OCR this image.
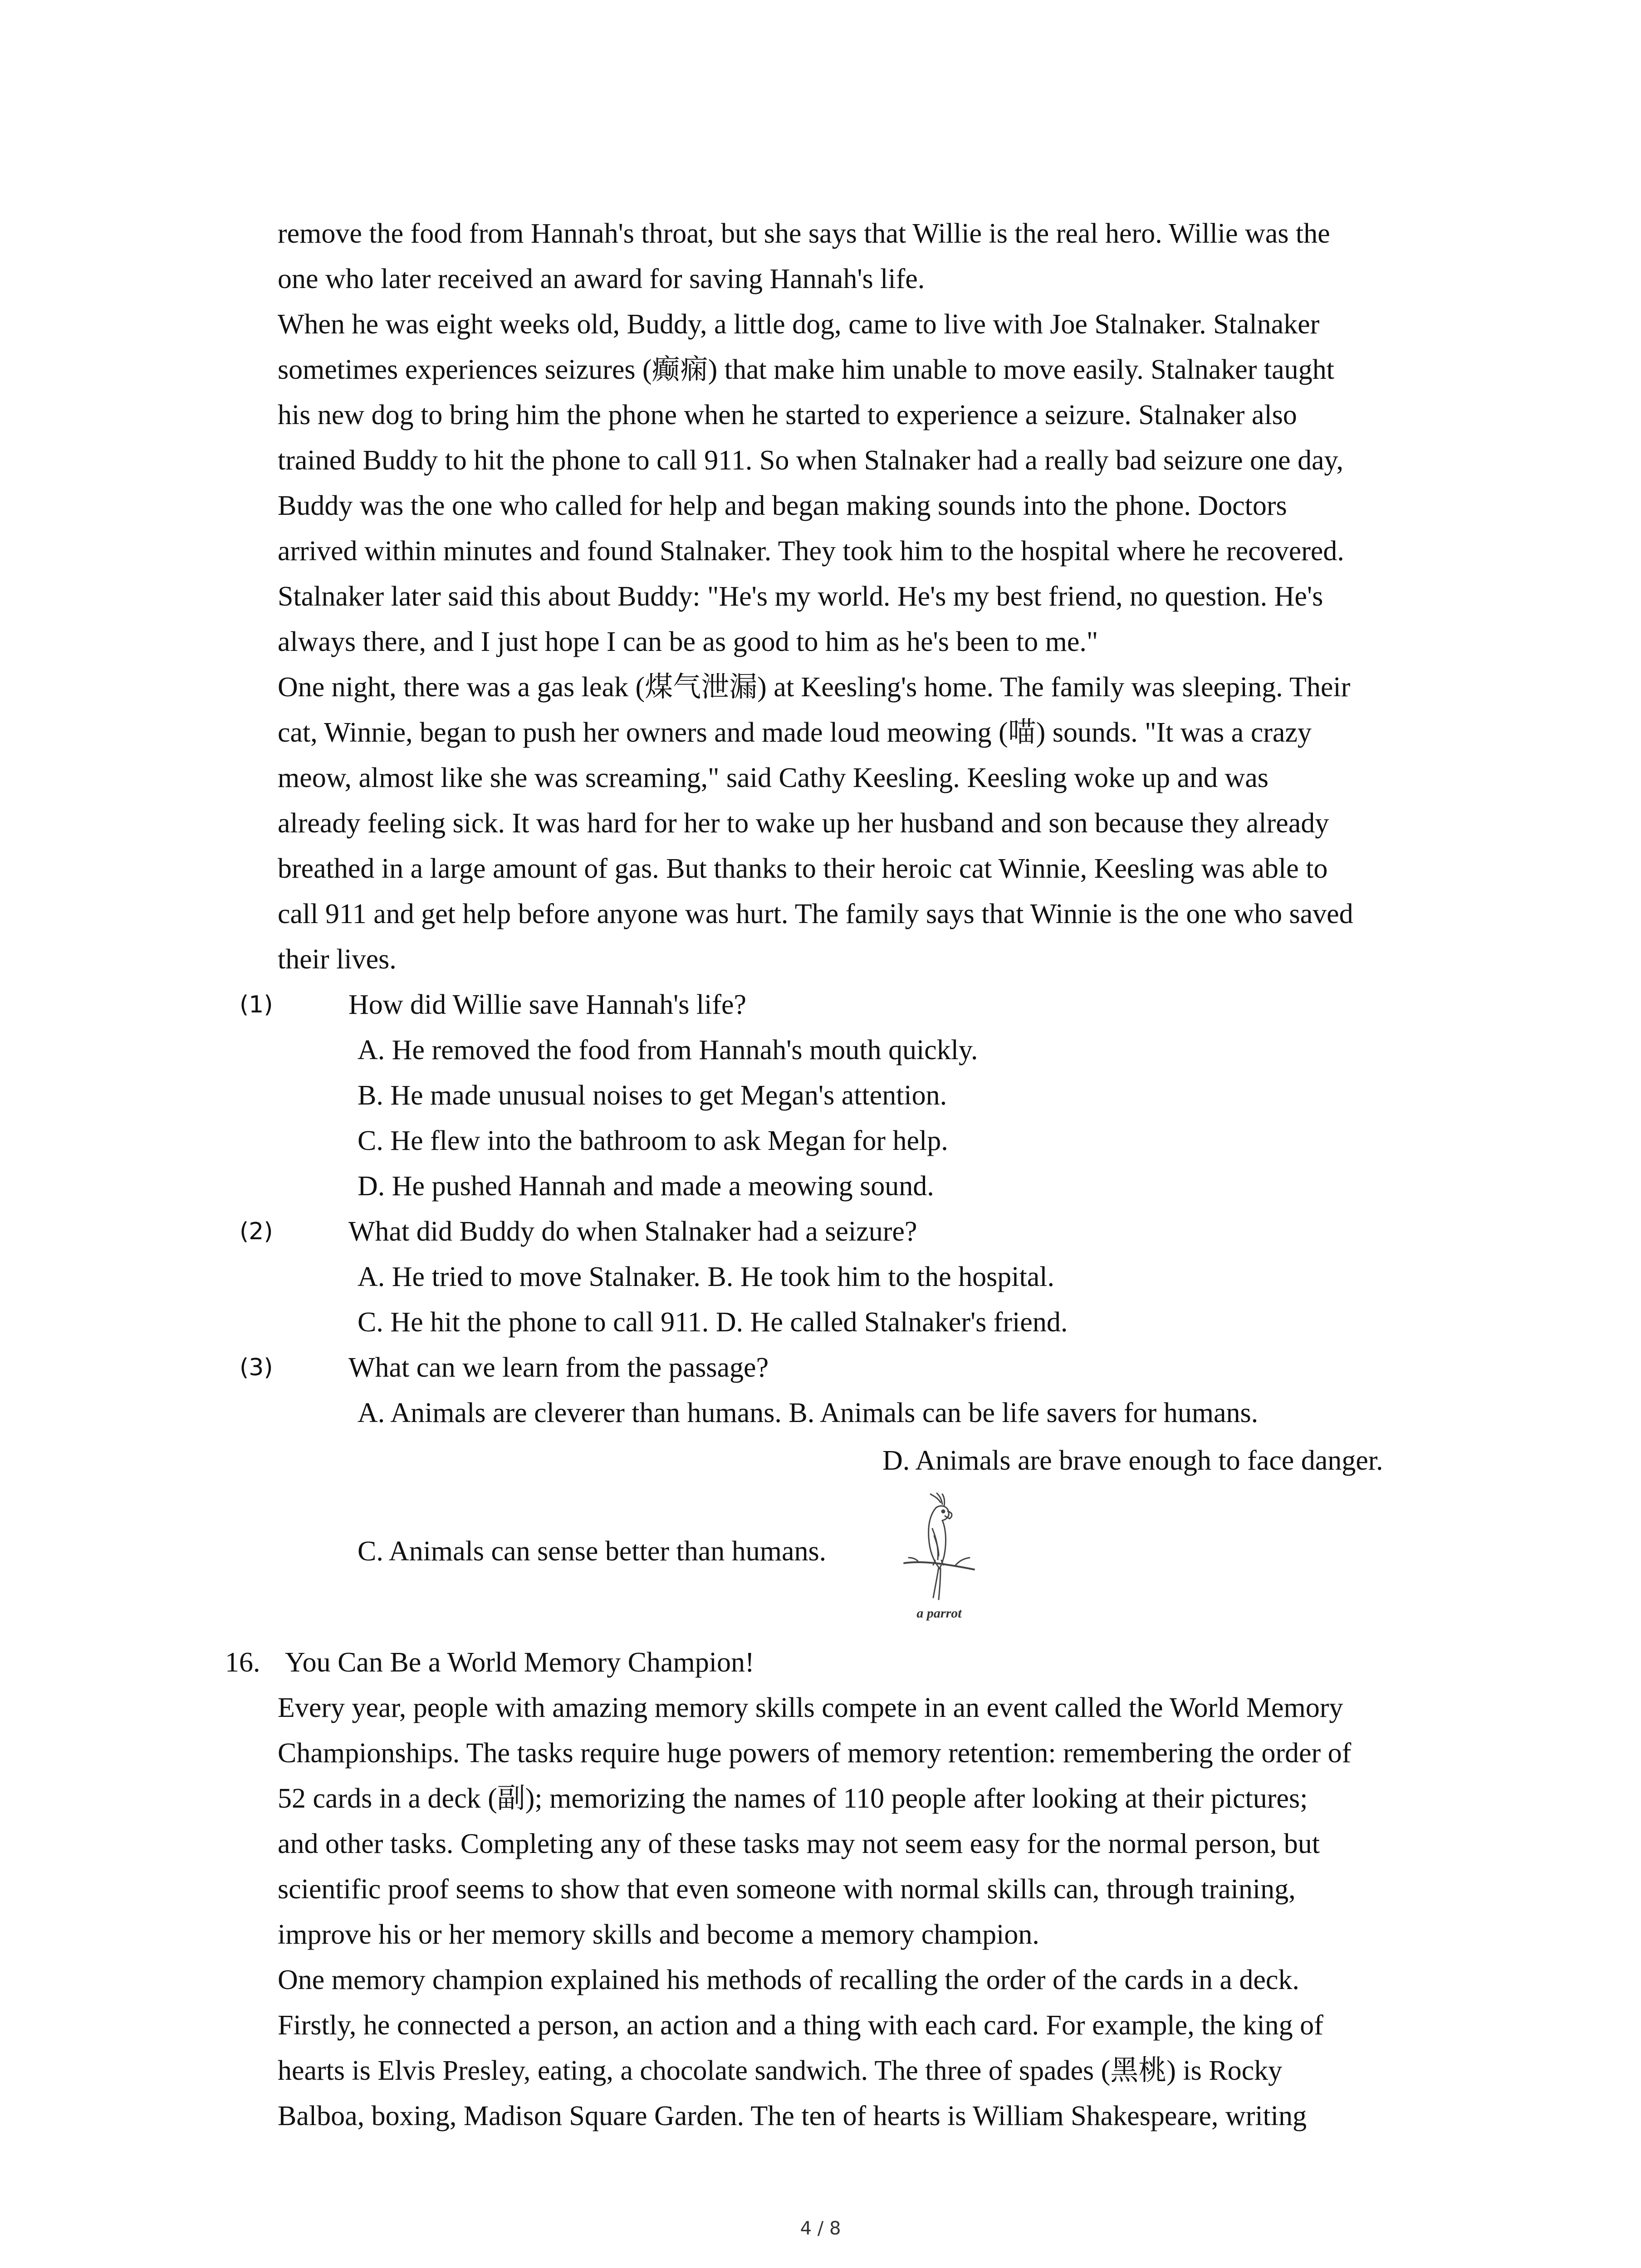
remove the food from Hannah's throat, but she says that Willie is the real hero. Willie was the
one who later received an award for saving Hannah's life.
When he was eight weeks old, Buddy, a little dog, came to live with Joe Stalnaker. Stalnaker
sometimes experiences seizures (癫痫) that make him unable to move easily. Stalnaker taught
his new dog to bring him the phone when he started to experience a seizure. Stalnaker also
trained Buddy to hit the phone to call 911. So when Stalnaker had a really bad seizure one day,
Buddy was the one who called for help and began making sounds into the phone. Doctors
arrived within minutes and found Stalnaker. They took him to the hospital where he recovered.
Stalnaker later said this about Buddy: "He's my world. He's my best friend, no question. He's
always there, and I just hope I can be as good to him as he's been to me."
One night, there was a gas leak (煤气泄漏) at Keesling's home. The family was sleeping. Their
cat, Winnie, began to push her owners and made loud meowing (喵) sounds. "It was a crazy
meow, almost like she was screaming," said Cathy Keesling. Keesling woke up and was
already feeling sick. It was hard for her to wake up her husband and son because they already
breathed in a large amount of gas. But thanks to their heroic cat Winnie, Keesling was able to
call 911 and get help before anyone was hurt. The family says that Winnie is the one who saved
their lives.
(1)	How did Willie save Hannah's life?
A. He removed the food from Hannah's mouth quickly.
B. He made unusual noises to get Megan's attention.
C. He flew into the bathroom to ask Megan for help.
D. He pushed Hannah and made a meowing sound.
(2)	What did Buddy do when Stalnaker had a seizure?
A. He tried to move Stalnaker. B. He took him to the hospital.
C. He hit the phone to call 911. D. He called Stalnaker's friend.
(3)	What can we learn from the passage?
A. Animals are cleverer than humans. B. Animals can be life savers for humans.
D. Animals are brave enough to face danger.
C. Animals can sense better than humans.
a parrot
16. You Can Be a World Memory Champion!
Every year, people with amazing memory skills compete in an event called the World Memory
Championships. The tasks require huge powers of memory retention: remembering the order of
52 cards in a deck (副); memorizing the names of 110 people after looking at their pictures;
and other tasks. Completing any of these tasks may not seem easy for the normal person, but
scientific proof seems to show that even someone with normal skills can, through training,
improve his or her memory skills and become a memory champion.
One memory champion explained his methods of recalling the order of the cards in a deck.
Firstly, he connected a person, an action and a thing with each card. For example, the king of
hearts is Elvis Presley, eating, a chocolate sandwich. The three of spades (黑桃) is Rocky
Balboa, boxing, Madison Square Garden. The ten of hearts is William Shakespeare, writing
4 / 8
